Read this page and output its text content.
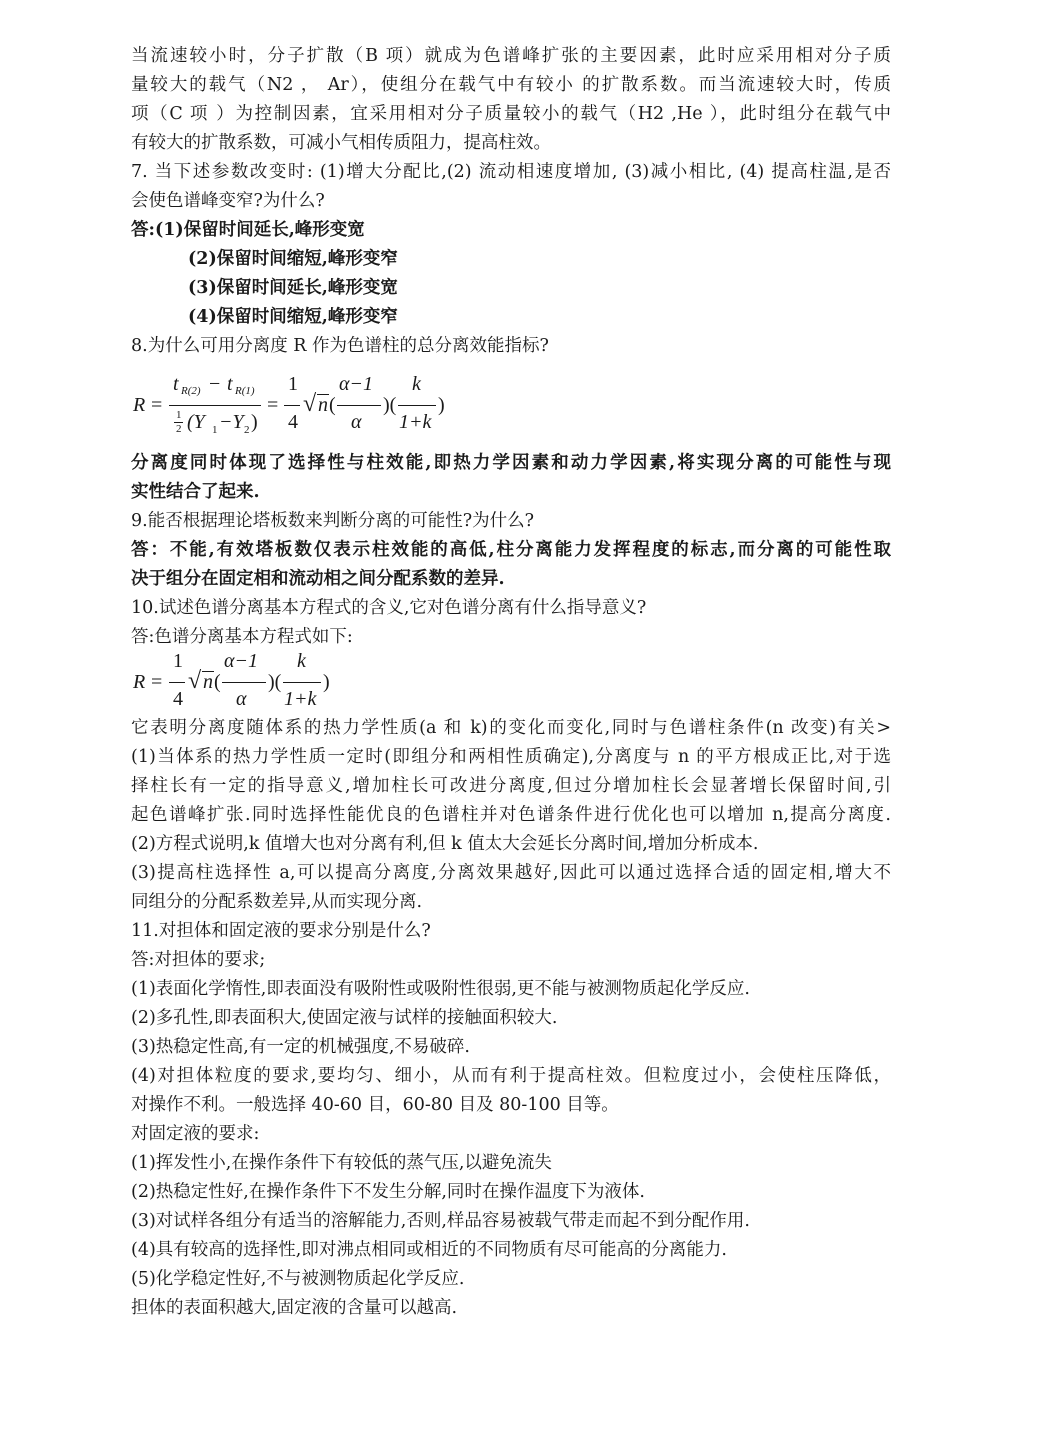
当流速较小时，分子扩散（B 项）就成为色谱峰扩张的主要因素，此时应采用相对分子质
量较大的载气（N2 ， Ar），使组分在载气中有较小 的扩散系数。而当流速较大时，传质
项（C 项 ）为控制因素，宜采用相对分子质量较小的载气（H2 ,He ），此时组分在载气中
有较大的扩散系数，可减小气相传质阻力，提高柱效。
7. 当下述参数改变时: (1)增大分配比,(2) 流动相速度增加, (3)减小相比, (4) 提高柱温,是否
会使色谱峰变窄?为什么?
答:(1)保留时间延长,峰形变宽
(2)保留时间缩短,峰形变窄
(3)保留时间延长,峰形变宽
(4)保留时间缩短,峰形变窄
8.为什么可用分离度 R 作为色谱柱的总分离效能指标?
R =
t R(2) − t R(1)
1
2 (Y 1 −Y 2 )
=
1
4
√ n (
α−1
α
)(
k
1+k
)
分离度同时体现了选择性与柱效能,即热力学因素和动力学因素,将实现分离的可能性与现
实性结合了起来.
9.能否根据理论塔板数来判断分离的可能性?为什么?
答：不能,有效塔板数仅表示柱效能的高低,柱分离能力发挥程度的标志,而分离的可能性取
决于组分在固定相和流动相之间分配系数的差异.
10.试述色谱分离基本方程式的含义,它对色谱分离有什么指导意义?
答:色谱分离基本方程式如下:
R =
1
4
√ n (
α−1
α
)(
k
1+k
)
它表明分离度随体系的热力学性质(a 和 k)的变化而变化,同时与色谱柱条件(n 改变)有关>
(1)当体系的热力学性质一定时(即组分和两相性质确定),分离度与 n 的平方根成正比,对于选
择柱长有一定的指导意义,增加柱长可改进分离度,但过分增加柱长会显著增长保留时间,引
起色谱峰扩张.同时选择性能优良的色谱柱并对色谱条件进行优化也可以增加 n,提高分离度.
(2)方程式说明,k 值增大也对分离有利,但 k 值太大会延长分离时间,增加分析成本.
(3)提高柱选择性 a,可以提高分离度,分离效果越好,因此可以通过选择合适的固定相,增大不
同组分的分配系数差异,从而实现分离.
11.对担体和固定液的要求分别是什么?
答:对担体的要求;
(1)表面化学惰性,即表面没有吸附性或吸附性很弱,更不能与被测物质起化学反应.
(2)多孔性,即表面积大,使固定液与试样的接触面积较大.
(3)热稳定性高,有一定的机械强度,不易破碎.
(4)对担体粒度的要求,要均匀、细小，从而有利于提高柱效。但粒度过小，会使柱压降低，
对操作不利。一般选择 40-60 目，60-80 目及 80-100 目等。
对固定液的要求:
(1)挥发性小,在操作条件下有较低的蒸气压,以避免流失
(2)热稳定性好,在操作条件下不发生分解,同时在操作温度下为液体.
(3)对试样各组分有适当的溶解能力,否则,样品容易被载气带走而起不到分配作用.
(4)具有较高的选择性,即对沸点相同或相近的不同物质有尽可能高的分离能力.
(5)化学稳定性好,不与被测物质起化学反应.
担体的表面积越大,固定液的含量可以越高.
